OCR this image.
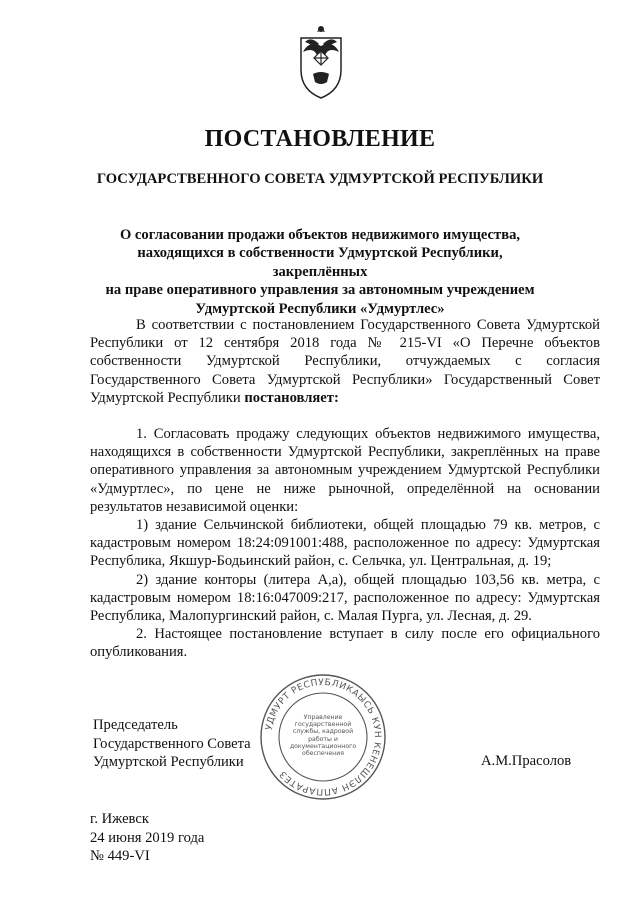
ПОСТАНОВЛЕНИЕ
ГОСУДАРСТВЕННОГО СОВЕТА УДМУРТСКОЙ РЕСПУБЛИКИ
О согласовании продажи объектов недвижимого имущества,
находящихся в собственности Удмуртской Республики, закреплённых
на праве оперативного управления за автономным учреждением
Удмуртской Республики «Удмуртлес»

В соответствии с постановлением Государственного Совета Удмуртской Республики от 12 сентября 2018 года № 215-VI «О Перечне объектов собственности Удмуртской Республики, отчуждаемых с согласия Государственного Совета Удмуртской Республики» Государственный Совет Удмуртской Республики постановляет:

1. Согласовать продажу следующих объектов недвижимого имущества, находящихся в собственности Удмуртской Республики, закреплённых на праве оперативного управления за автономным учреждением Удмуртской Республики «Удмуртлес», по цене не ниже рыночной, определённой на основании результатов независимой оценки:

1) здание Сельчинской библиотеки, общей площадью 79 кв. метров, с кадастровым номером 18:24:091001:488, расположенное по адресу: Удмуртская Республика, Якшур-Бодьинский район, с. Сельчка, ул. Центральная, д. 19;

2) здание конторы (литера А,а), общей площадью 103,56 кв. метра, с кадастровым номером 18:16:047009:217, расположенное по адресу: Удмуртская Республика, Малопургинский район, с. Малая Пурга, ул. Лесная, д. 29.

2. Настоящее постановление вступает в силу после его официального опубликования.

Председатель
Государственного Совета
Удмуртской Республики
УДМУРТ РЕСПУБЛИКАЫСЬ КУН КЕНЕШЛЭН АППАРАТЕЗ
Управление государственной службы, кадровой работы и документационного обеспечения	А.М.Прасолов
г. Ижевск
24 июня 2019 года
№ 449-VI
